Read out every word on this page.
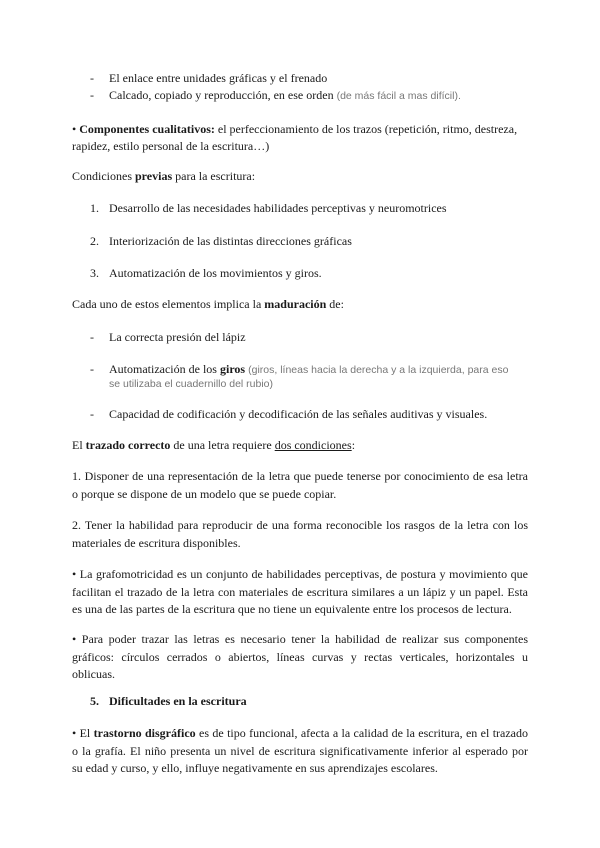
- El enlace entre unidades gráficas y el frenado
- Calcado, copiado y reproducción, en ese orden (de más fácil a mas difícil).
• Componentes cualitativos: el perfeccionamiento de los trazos (repetición, ritmo, destreza,
rapidez, estilo personal de la escritura…)
Condiciones previas para la escritura:
1. Desarrollo de las necesidades habilidades perceptivas y neuromotrices
2. Interiorización de las distintas direcciones gráficas
3. Automatización de los movimientos y giros.
Cada uno de estos elementos implica la maduración de:
- La correcta presión del lápiz
- Automatización de los giros (giros, líneas hacia la derecha y a la izquierda, para eso
se utilizaba el cuadernillo del rubio)
- Capacidad de codificación y decodificación de las señales auditivas y visuales.
El trazado correcto de una letra requiere dos condiciones:
1. Disponer de una representación de la letra que puede tenerse por conocimiento de esa letra
o porque se dispone de un modelo que se puede copiar.
2. Tener la habilidad para reproducir de una forma reconocible los rasgos de la letra con los
materiales de escritura disponibles.
• La grafomotricidad es un conjunto de habilidades perceptivas, de postura y movimiento que
facilitan el trazado de la letra con materiales de escritura similares a un lápiz y un papel. Esta
es una de las partes de la escritura que no tiene un equivalente entre los procesos de lectura.
• Para poder trazar las letras es necesario tener la habilidad de realizar sus componentes
gráficos: círculos cerrados o abiertos, líneas curvas y rectas verticales, horizontales u
oblicuas.
5. Dificultades en la escritura
• El trastorno disgráfico es de tipo funcional, afecta a la calidad de la escritura, en el trazado
o la grafía. El niño presenta un nivel de escritura significativamente inferior al esperado por
su edad y curso, y ello, influye negativamente en sus aprendizajes escolares.
